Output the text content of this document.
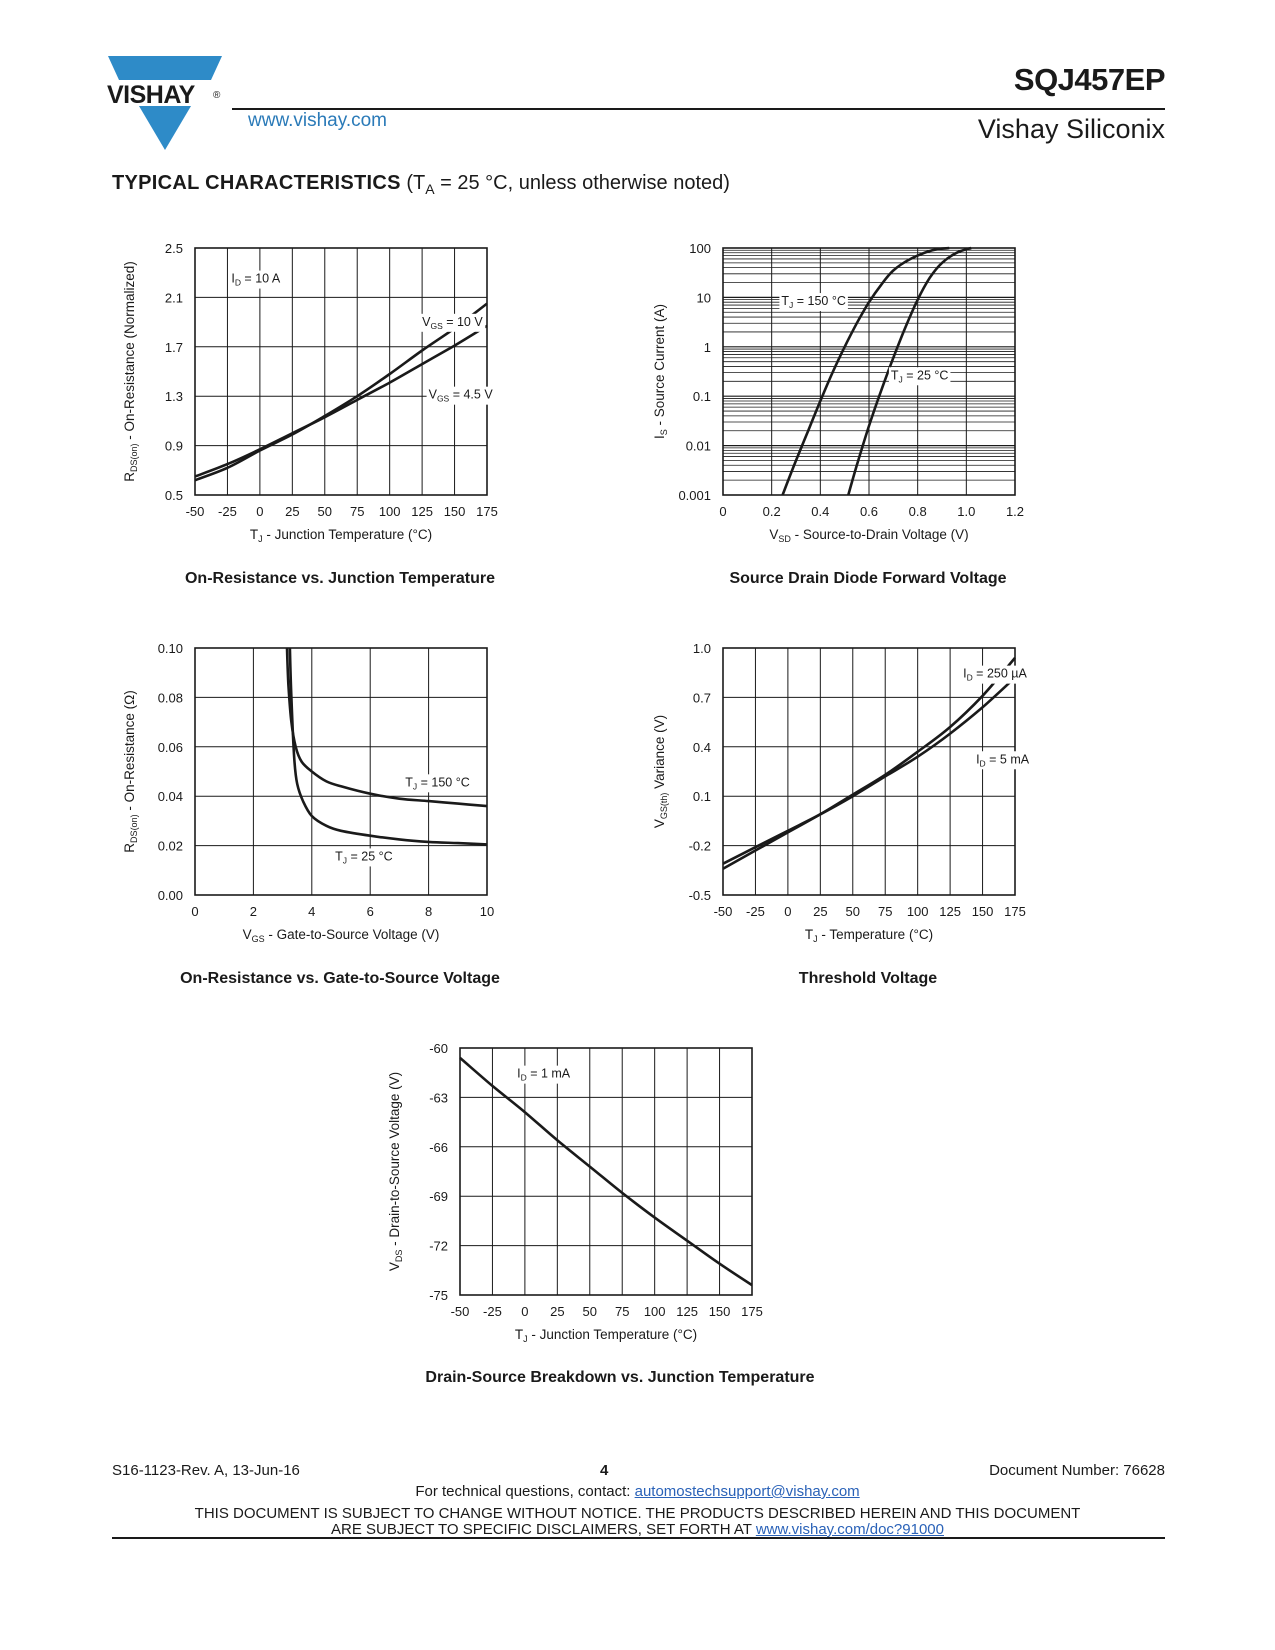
VISHAY ®
www.vishay.com
SQJ457EP
Vishay Siliconix
TYPICAL CHARACTERISTICS ($T_A = 25$ °C, unless otherwise noted)
-50 -25 0 25 50 75 100 125 150 175
0.5
0.9
1.3
1.7
2.1
2.5
$T_J$ - Junction Temperature (°C)
$R_{DS(on)}$ - On-Resistance (Normalized)	$I_D = 10$ A
$V_{GS} = 10$ V
$V_{GS} = 4.5$ V
On-Resistance vs. Junction Temperature
0	0.2 0.4 0.6 0.8 1.0 1.2
0.001
0.01
0.1
1
10
100
$V_{SD}$ - Source-to-Drain Voltage (V)
$I_S$ - Source Current (A)
$T_J = 150$ °C
$T_J = 25$ °C
Source Drain Diode Forward Voltage
0	2	4	6	8	10
0.00
0.02
0.04
0.06
0.08
0.10
$V_{GS}$ - Gate-to-Source Voltage (V)
$R_{DS(on)}$ - On-Resistance (Ω)	$T_J = 150$ °C
$T_J = 25$ °C
On-Resistance vs. Gate-to-Source Voltage
-50 -25 0 25 50 75 100 125 150 175
-0.5
-0.2
0.1
0.4
0.7
1.0
$T_J$ - Temperature (°C)
$V_{GS(th)}$ Variance (V)
$I_D = 250$ µA
$I_D = 5$ mA
Threshold Voltage
-50 -25 0 25 50 75 100 125 150 175
-75
-72
-69
-66
-63
-60
$T_J$ - Junction Temperature (°C)
$V_{DS}$ - Drain-to-Source Voltage (V)	$I_D = 1$ mA
Drain-Source Breakdown vs. Junction Temperature
S16-1123-Rev. A, 13-Jun-16	4	Document Number: 76628
For technical questions, contact: automostechsupport@vishay.com
THIS DOCUMENT IS SUBJECT TO CHANGE WITHOUT NOTICE. THE PRODUCTS DESCRIBED HEREIN AND THIS DOCUMENT
ARE SUBJECT TO SPECIFIC DISCLAIMERS, SET FORTH AT www.vishay.com/doc?91000
